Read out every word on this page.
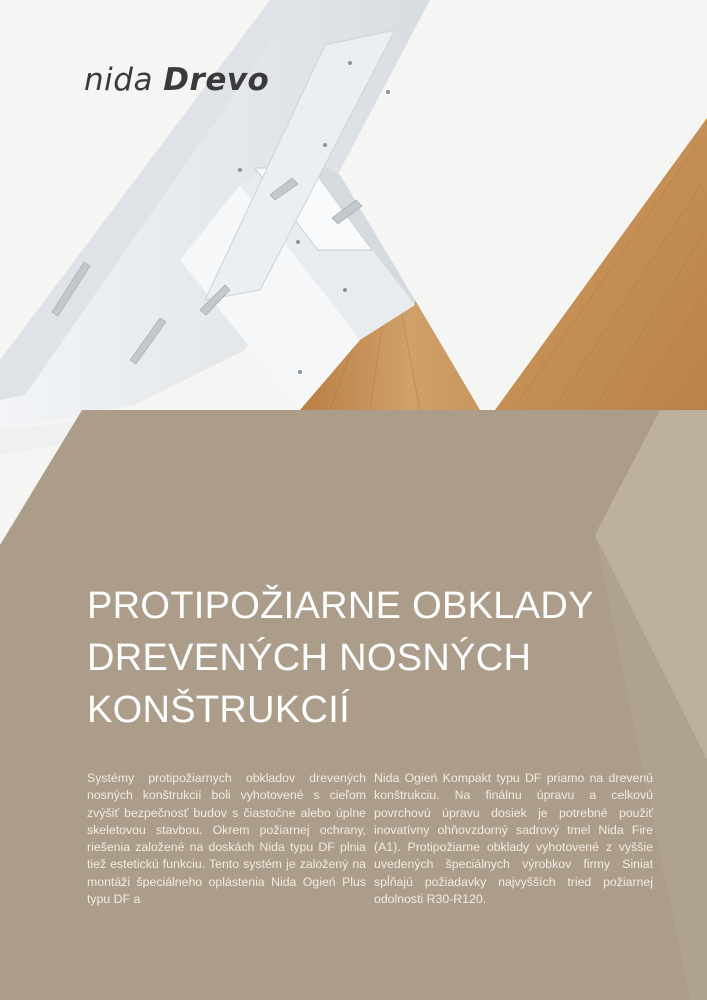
nida Drevo
PROTIPOŽIARNE OBKLADY
DREVENÝCH NOSNÝCH
KONŠTRUKCIÍ

Systémy protipožiarnych obkladov drevených nosných konštrukcií boli vyhotovené s cieľom zvýšiť bezpečnosť budov s čiastočne alebo úplne skeletovou stavbou. Okrem požiarnej ochrany, riešenia založené na doskách Nida typu DF plnia tiež estetickú funkciu. Tento systém je založený na montáži špeciálneho oplástenia Nida Ogień Plus typu DF a

Nida Ogień Kompakt typu DF priamo na drevenú konštrukciu. Na finálnu úpravu a celkovú povrchovú úpravu dosiek je potrebné použiť inovatívny ohňovzdorný sadrový tmel Nida Fire (A1). Protipožiarne obklady vyhotovené z vyššie uvedených špeciálnych výrobkov firmy Siniat spĺňajú požiadavky najvyšších tried požiarnej odolnosti R30-R120.
